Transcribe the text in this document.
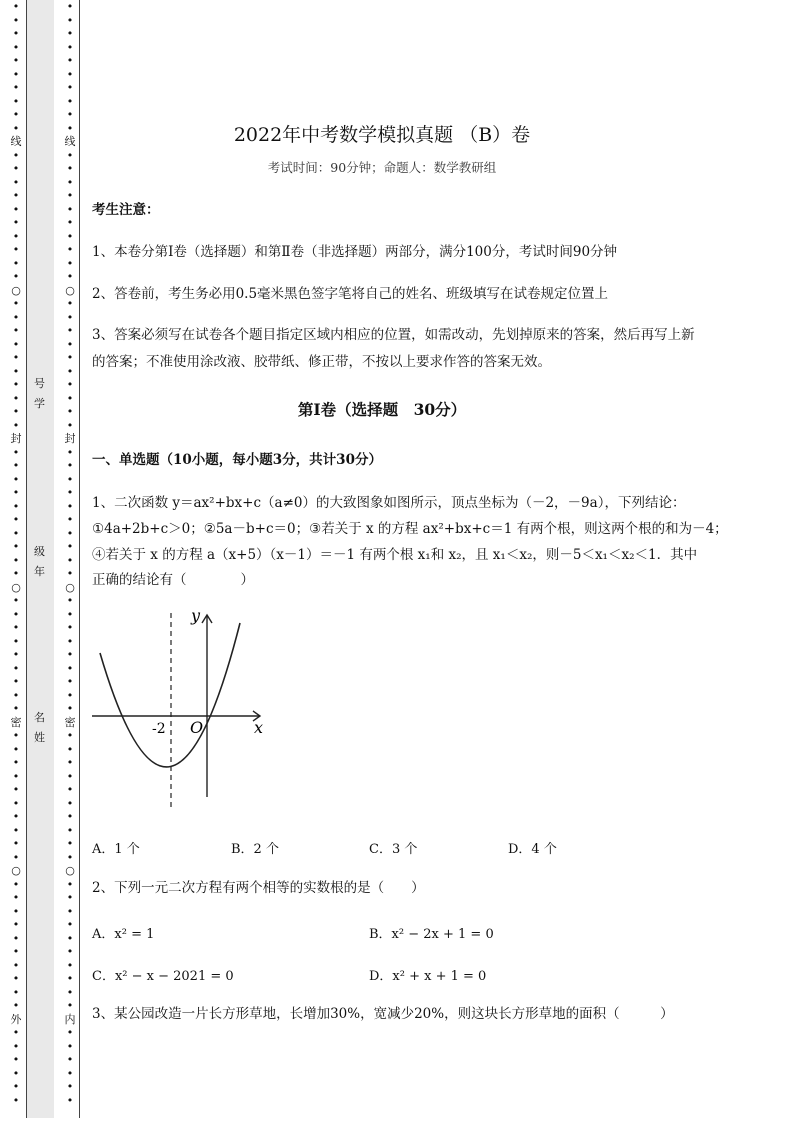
•
•
•
•
•
•
•
•
•
•
线
•
•
•
•
•
•
•
•
•
•
○
•
•
•
•
•
•
•
•
•
•
封
•
•
•
•
•
•
•
•
•
•
○
•
•
•
•
•
•
•
•
•
密
•
•
•
•
•
•
•
•
•
•
○
•
•
•
•
•
•
•
•
•
•
外
•
•
•
•
•
•
•
•
•
•
•
•
•
•
•
•
线
•
•
•
•
•
•
•
•
•
•
○
•
•
•
•
•
•
•
•
•
•
封
•
•
•
•
•
•
•
•
•
•
○
•
•
•
•
•
•
•
•
•
密
•
•
•
•
•
•
•
•
•
•
○
•
•
•
•
•
•
•
•
•
•
内
•
•
•
•
•
•
号
学
级
年
名
姓
2022年中考数学模拟真题 （B）卷
考试时间：90分钟；命题人：数学教研组
考生注意：
1、本卷分第Ⅰ卷（选择题）和第Ⅱ卷（非选择题）两部分，满分100分，考试时间90分钟
2、答卷前，考生务必用0.5毫米黑色签字笔将自己的姓名、班级填写在试卷规定位置上
3、答案必须写在试卷各个题目指定区域内相应的位置，如需改动，先划掉原来的答案，然后再写上新
的答案；不准使用涂改液、胶带纸、修正带，不按以上要求作答的答案无效。
第Ⅰ卷（选择题　30分）
一、单选题（10小题，每小题3分，共计30分）
1、二次函数 y＝ax²+bx+c（a≠0）的大致图象如图所示，顶点坐标为（－2，－9a），下列结论：
①4a+2b+c＞0；②5a－b+c＝0；③若关于 x 的方程 ax²+bx+c＝1 有两个根，则这两个根的和为－4；
④若关于 x 的方程 a（x+5）（x－1）＝－1 有两个根 x₁和 x₂，且 x₁＜x₂，则－5＜x₁＜x₂＜1．其中
正确的结论有（　　　　）
y
x
O
-2
A．1 个	B．2 个	C．3 个	D．4 个
2、下列一元二次方程有两个相等的实数根的是（　　）
A．x² = 1	B．x² − 2x + 1 = 0
C．x² − x − 2021 = 0	D．x² + x + 1 = 0
3、某公园改造一片长方形草地，长增加30%，宽减少20%，则这块长方形草地的面积（　　　）
